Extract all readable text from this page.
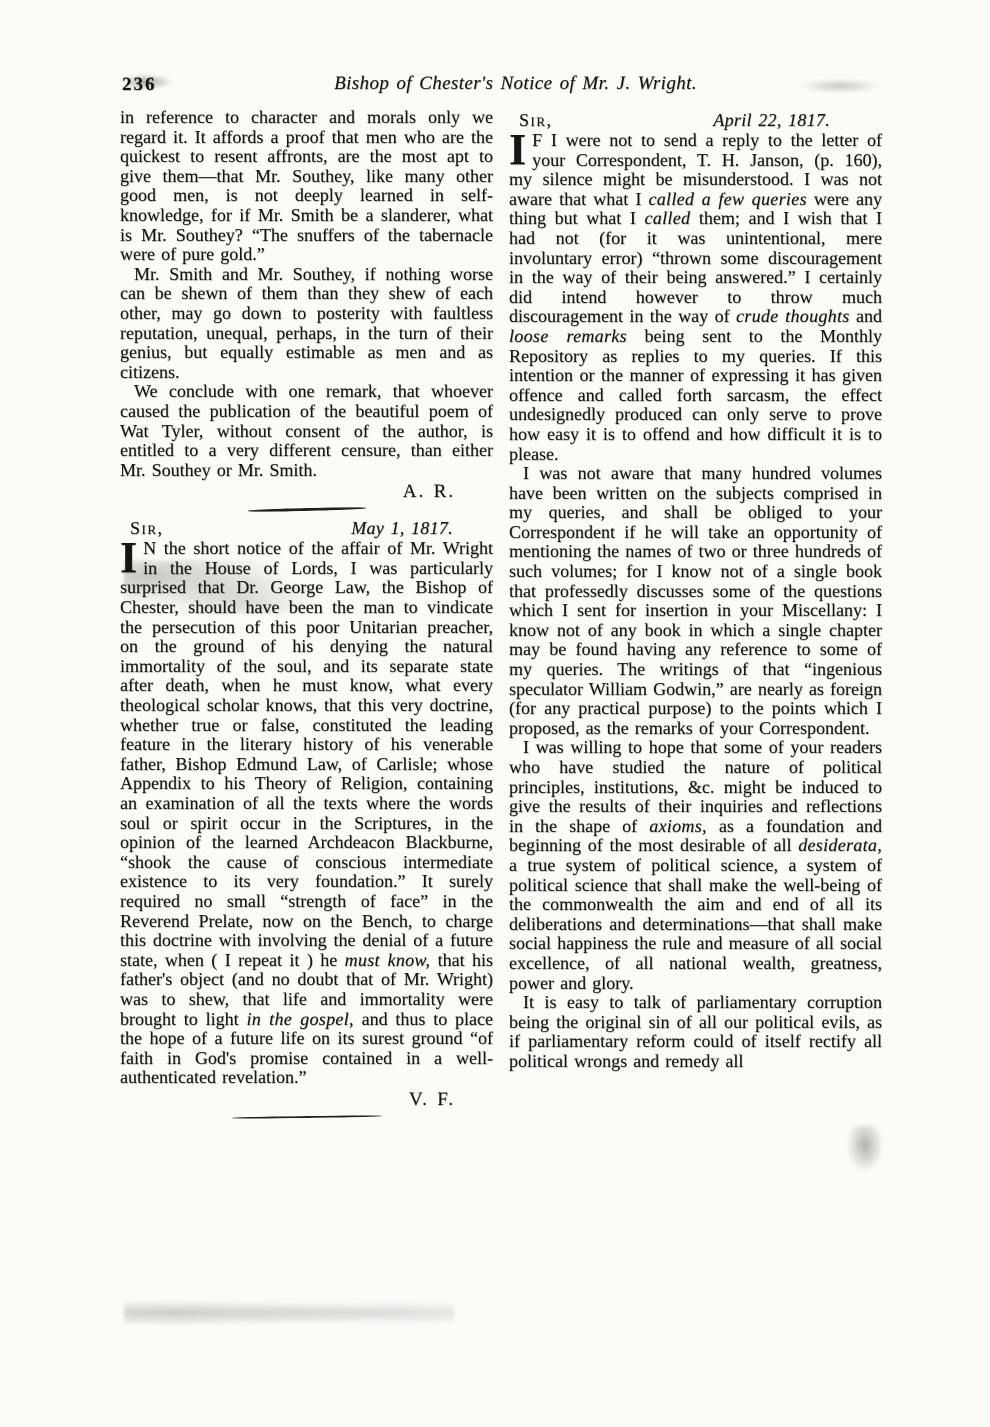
236	Bishop of Chester's Notice of Mr. J. Wright.

in reference to character and morals only we regard it. It affords a proof that men who are the quickest to resent affronts, are the most apt to give them—that Mr. Southey, like many other good men, is not deeply learned in self-knowledge, for if Mr. Smith be a slanderer, what is Mr. Southey? “The snuffers of the tabernacle were of pure gold.”

Mr. Smith and Mr. Southey, if nothing worse can be shewn of them than they shew of each other, may go down to posterity with faultless reputation, unequal, perhaps, in the turn of their genius, but equally estimable as men and as citizens.

We conclude with one remark, that whoever caused the publication of the beautiful poem of Wat Tyler, without consent of the author, is entitled to a very different censure, than either Mr. Southey or Mr. Smith.

A. R.
Sir,	May 1, 1817.

I N the short notice of the affair of Mr. Wright in the House of Lords, I was particularly surprised that Dr. George Law, the Bishop of Chester, should have been the man to vindicate the persecution of this poor Unitarian preacher, on the ground of his denying the natural immortality of the soul, and its separate state after death, when he must know, what every theological scholar knows, that this very doctrine, whether true or false, constituted the leading feature in the literary history of his venerable father, Bishop Edmund Law, of Carlisle; whose Appendix to his Theory of Religion, containing an examination of all the texts where the words soul or spirit occur in the Scriptures, in the opinion of the learned Archdeacon Blackburne, “shook the cause of conscious intermediate existence to its very foundation.” It surely required no small “strength of face” in the Reverend Prelate, now on the Bench, to charge this doctrine with involving the denial of a future state, when ( I repeat it ) he must know, that his father's object (and no doubt that of Mr. Wright) was to shew, that life and immortality were brought to light in the gospel, and thus to place the hope of a future life on its surest ground “of faith in God's promise contained in a well-authenticated revelation.”

V. F.
Sir,	April 22, 1817.

I F I were not to send a reply to the letter of your Correspondent, T. H. Janson, (p. 160), my silence might be misunderstood. I was not aware that what I called a few queries were any thing but what I called them; and I wish that I had not (for it was unintentional, mere involuntary error) “thrown some discouragement in the way of their being answered.” I certainly did intend however to throw much discouragement in the way of crude thoughts and loose remarks being sent to the Monthly Repository as replies to my queries. If this intention or the manner of expressing it has given offence and called forth sarcasm, the effect undesignedly produced can only serve to prove how easy it is to offend and how difficult it is to please.

I was not aware that many hundred volumes have been written on the subjects comprised in my queries, and shall be obliged to your Correspondent if he will take an opportunity of mentioning the names of two or three hundreds of such volumes; for I know not of a single book that professedly discusses some of the questions which I sent for insertion in your Miscellany: I know not of any book in which a single chapter may be found having any reference to some of my queries. The writings of that “ingenious speculator William Godwin,” are nearly as foreign (for any practical purpose) to the points which I proposed, as the remarks of your Correspondent.

I was willing to hope that some of your readers who have studied the nature of political principles, institutions, &c. might be induced to give the results of their inquiries and reflections in the shape of axioms, as a foundation and beginning of the most desirable of all desiderata, a true system of political science, a system of political science that shall make the well-being of the commonwealth the aim and end of all its deliberations and determinations—that shall make social happiness the rule and measure of all social excellence, of all national wealth, greatness, power and glory.

It is easy to talk of parliamentary corruption being the original sin of all our political evils, as if parliamentary reform could of itself rectify all political wrongs and remedy all
